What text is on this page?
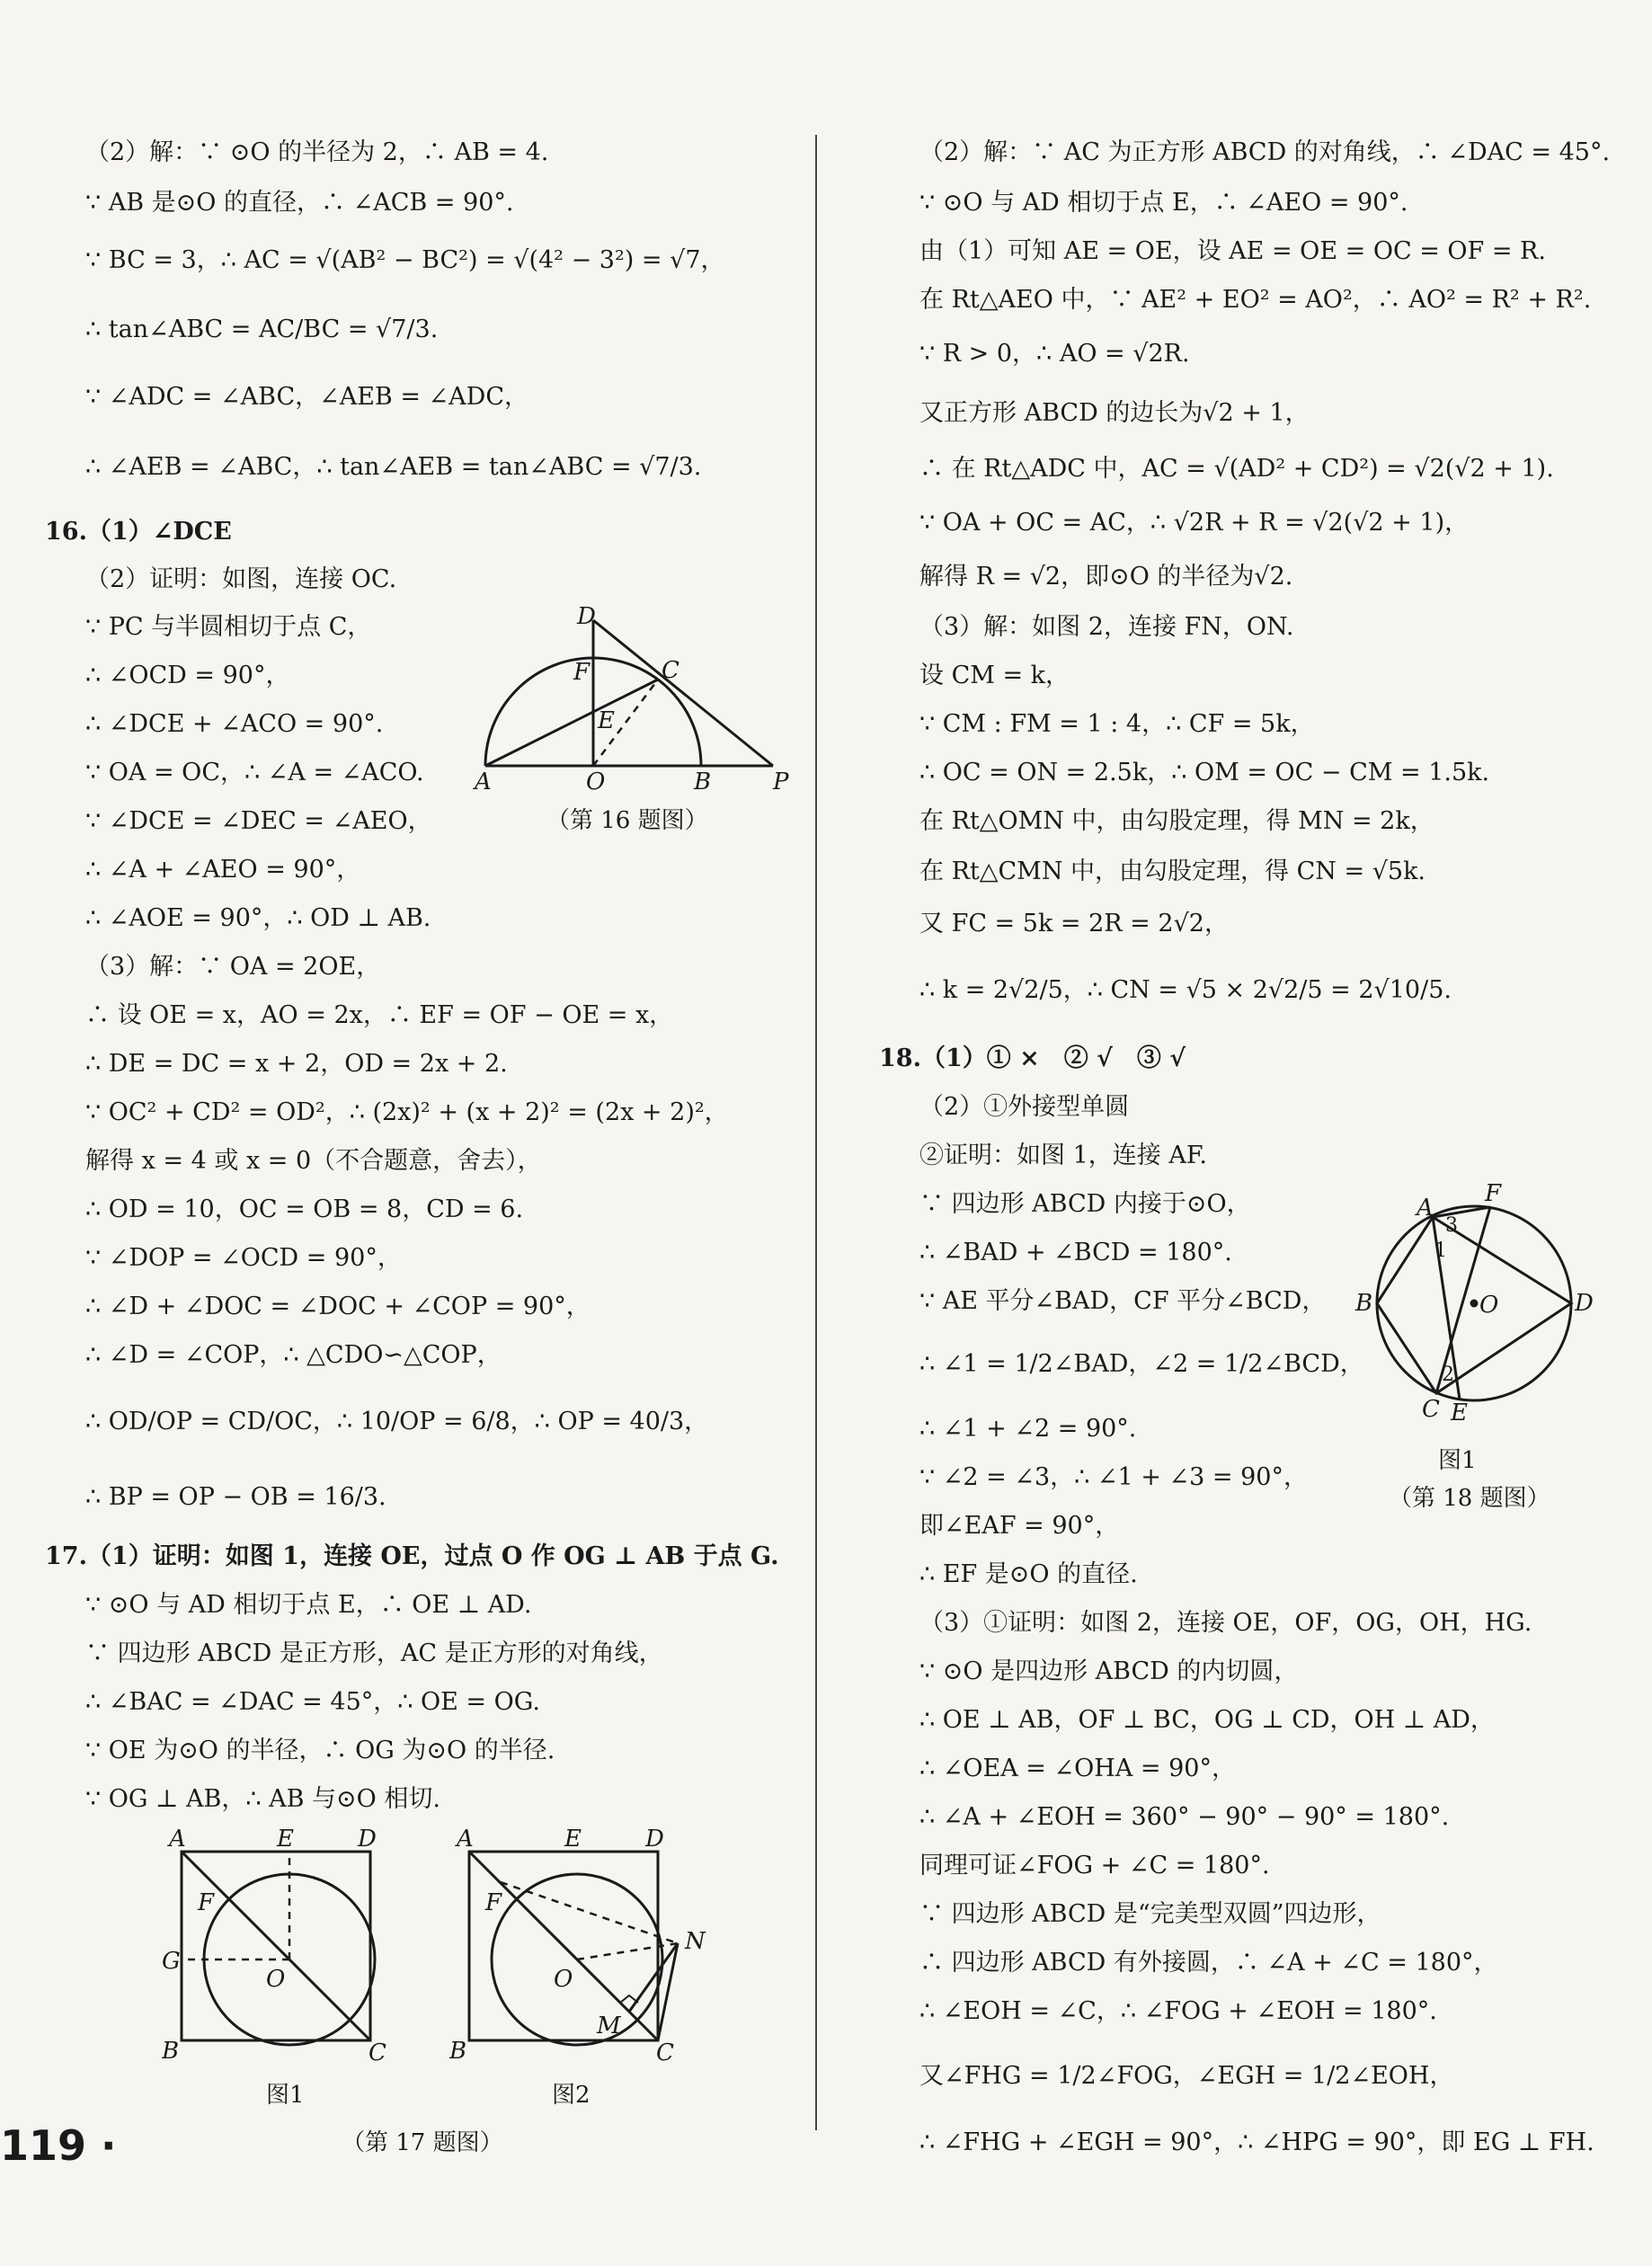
（2）解：∵ ⊙O 的半径为 2，∴ AB = 4.
∵ AB 是⊙O 的直径，∴ ∠ACB = 90°.
∵ BC = 3，∴ AC = √(AB² − BC²) = √(4² − 3²) = √7，
∴ tan∠ABC = AC/BC = √7/3.
∵ ∠ADC = ∠ABC，∠AEB = ∠ADC，
∴ ∠AEB = ∠ABC，∴ tan∠AEB = tan∠ABC = √7/3.
16.（1）∠DCE
（2）证明：如图，连接 OC.
∵ PC 与半圆相切于点 C，
∴ ∠OCD = 90°，
∴ ∠DCE + ∠ACO = 90°.
∵ OA = OC，∴ ∠A = ∠ACO.
∵ ∠DCE = ∠DEC = ∠AEO，
∴ ∠A + ∠AEO = 90°，
∴ ∠AOE = 90°，∴ OD ⊥ AB.
（3）解：∵ OA = 2OE，
∴ 设 OE = x，AO = 2x，∴ EF = OF − OE = x，
∴ DE = DC = x + 2，OD = 2x + 2.
∵ OC² + CD² = OD²，∴ (2x)² + (x + 2)² = (2x + 2)²，
解得 x = 4 或 x = 0（不合题意，舍去），
∴ OD = 10，OC = OB = 8，CD = 6.
∵ ∠DOP = ∠OCD = 90°，
∴ ∠D + ∠DOC = ∠DOC + ∠COP = 90°，
∴ ∠D = ∠COP，∴ △CDO∽△COP，
∴ OD/OP = CD/OC，∴ 10/OP = 6/8，∴ OP = 40/3，
∴ BP = OP − OB = 16/3.
17.（1）证明：如图 1，连接 OE，过点 O 作 OG ⊥ AB 于点 G.
∵ ⊙O 与 AD 相切于点 E，∴ OE ⊥ AD.
∵ 四边形 ABCD 是正方形，AC 是正方形的对角线，
∴ ∠BAC = ∠DAC = 45°，∴ OE = OG.
∵ OE 为⊙O 的半径，∴ OG 为⊙O 的半径.
∵ OG ⊥ AB，∴ AB 与⊙O 相切.
D
F	C
E
A	O	B	P
（第 16 题图）
A	E	D
F
G
O
B	C
A	E	D
F
N
O
M
B	C
图1	图2
（第 17 题图）
（2）解：∵ AC 为正方形 ABCD 的对角线，∴ ∠DAC = 45°.
∵ ⊙O 与 AD 相切于点 E，∴ ∠AEO = 90°.
由（1）可知 AE = OE，设 AE = OE = OC = OF = R.
在 Rt△AEO 中，∵ AE² + EO² = AO²，∴ AO² = R² + R².
∵ R > 0，∴ AO = √2R.
又正方形 ABCD 的边长为√2 + 1，
∴ 在 Rt△ADC 中，AC = √(AD² + CD²) = √2(√2 + 1).
∵ OA + OC = AC，∴ √2R + R = √2(√2 + 1)，
解得 R = √2，即⊙O 的半径为√2.
（3）解：如图 2，连接 FN，ON.
设 CM = k，
∵ CM : FM = 1 : 4，∴ CF = 5k，
∴ OC = ON = 2.5k，∴ OM = OC − CM = 1.5k.
在 Rt△OMN 中，由勾股定理，得 MN = 2k，
在 Rt△CMN 中，由勾股定理，得 CN = √5k.
又 FC = 5k = 2R = 2√2，
∴ k = 2√2/5，∴ CN = √5 × 2√2/5 = 2√10/5.
18.（1）① ×　② √　③ √
（2）①外接型单圆
②证明：如图 1，连接 AF.
∵ 四边形 ABCD 内接于⊙O，
∴ ∠BAD + ∠BCD = 180°.
∵ AE 平分∠BAD，CF 平分∠BCD，
∴ ∠1 = 1/2∠BAD，∠2 = 1/2∠BCD，
∴ ∠1 + ∠2 = 90°.
∵ ∠2 = ∠3，∴ ∠1 + ∠3 = 90°，
即∠EAF = 90°，
∴ EF 是⊙O 的直径.
（3）①证明：如图 2，连接 OE，OF，OG，OH，HG.
∵ ⊙O 是四边形 ABCD 的内切圆，
∴ OE ⊥ AB，OF ⊥ BC，OG ⊥ CD，OH ⊥ AD，
∴ ∠OEA = ∠OHA = 90°，
∴ ∠A + ∠EOH = 360° − 90° − 90° = 180°.
同理可证∠FOG + ∠C = 180°.
∵ 四边形 ABCD 是“完美型双圆”四边形，
∴ 四边形 ABCD 有外接圆，∴ ∠A + ∠C = 180°，
∴ ∠EOH = ∠C，∴ ∠FOG + ∠EOH = 180°.
又∠FHG = 1/2∠FOG，∠EGH = 1/2∠EOH，
∴ ∠FHG + ∠EGH = 90°，∴ ∠HPG = 90°，即 EG ⊥ FH.
A
F
3
1
B	O	D
2
C E
图1
（第 18 题图）
119 ·
